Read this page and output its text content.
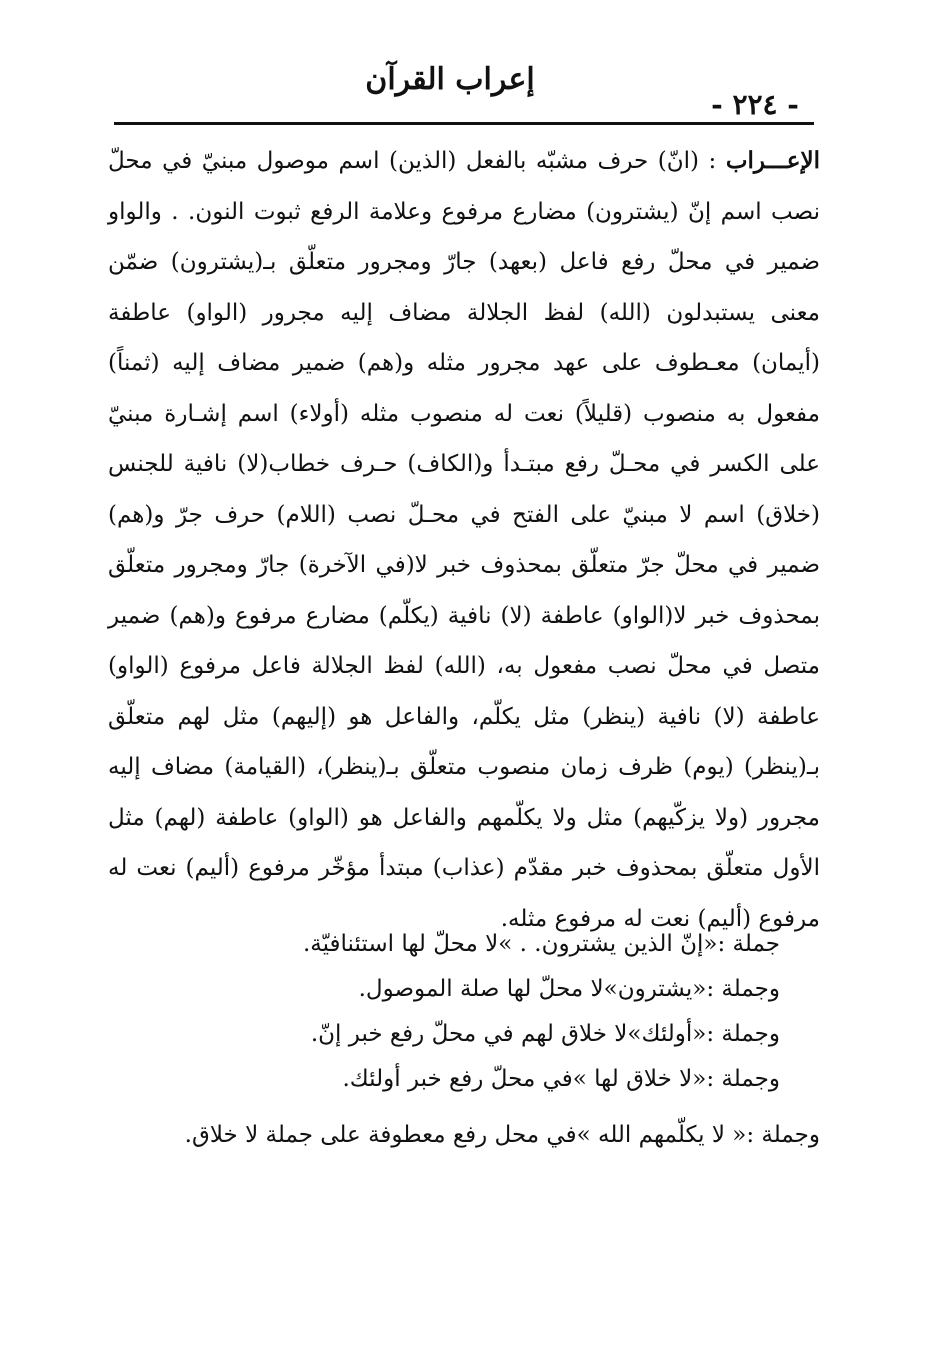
إعراب القرآن
- ٢٢٤ -
الإعـــراب : (انّ) حرف مشبّه بالفعل (الذين) اسم موصول مبنيّ في محلّ نصب اسم إنّ (يشترون) مضارع مرفوع وعلامة الرفع ثبوت النون. . والواو ضمير في محلّ رفع فاعل (بعهد) جارّ ومجرور متعلّق بـ(يشترون) ضمّن معنى يستبدلون (الله) لفظ الجلالة مضاف إليه مجرور (الواو) عاطفة (أيمان) معـطوف على عهد مجرور مثله و(هم) ضمير مضاف إليه (ثمناً) مفعول به منصوب (قليلاً) نعت له منصوب مثله (أولاء) اسم إشـارة مبنيّ على الكسر في محـلّ رفع مبتـدأ و(الكاف) حـرف خطاب(لا) نافية للجنس (خلاق) اسم لا مبنيّ على الفتح في محـلّ نصب (اللام) حرف جرّ و(هم) ضمير في محلّ جرّ متعلّق بمحذوف خبر لا(في الآخرة) جارّ ومجرور متعلّق بمحذوف خبر لا(الواو) عاطفة (لا) نافية (يكلّم) مضارع مرفوع و(هم) ضمير متصل في محلّ نصب مفعول به، (الله) لفظ الجلالة فاعل مرفوع (الواو) عاطفة (لا) نافية (ينظر) مثل يكلّم، والفاعل هو (إليهم) مثل لهم متعلّق بـ(ينظر) (يوم) ظرف زمان منصوب متعلّق بـ(ينظر)، (القيامة) مضاف إليه مجرور (ولا يزكّيهم) مثل ولا يكلّمهم والفاعل هو (الواو) عاطفة (لهم) مثل الأول متعلّق بمحذوف خبر مقدّم (عذاب) مبتدأ مؤخّر مرفوع (أليم) نعت له مرفوع (أليم) نعت له مرفوع مثله.
جملة :«إنّ الذين يشترون. . »لا محلّ لها استئنافيّة.
وجملة :«يشترون»لا محلّ لها صلة الموصول.
وجملة :«أولئك»لا خلاق لهم في محلّ رفع خبر إنّ.
وجملة :«لا خلاق لها »في محلّ رفع خبر أولئك.
وجملة :« لا يكلّمهم الله »في محل رفع معطوفة على جملة لا خلاق.
